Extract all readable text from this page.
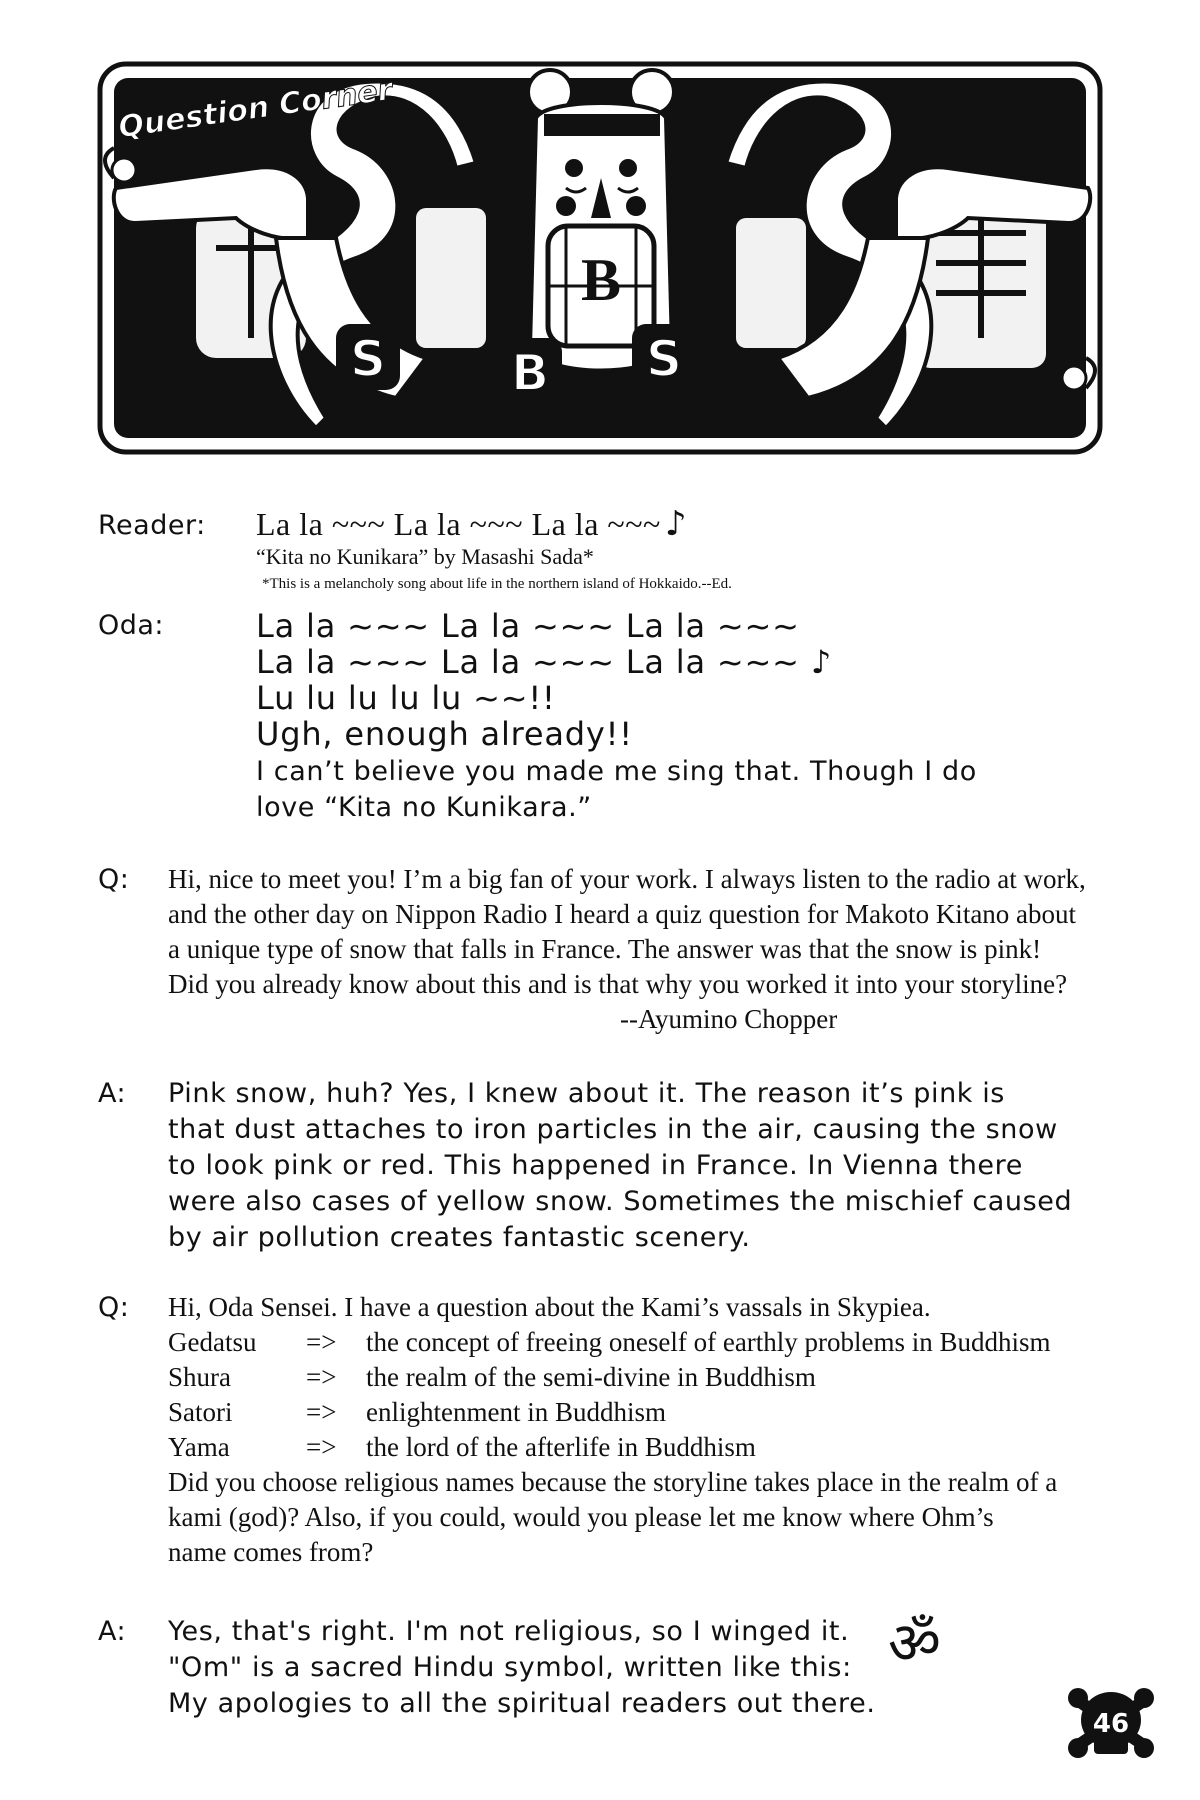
B
S B S
Question Corner
Reader: La la ~~~ La la ~~~ La la ~~~ ♪
“Kita no Kunikara” by Masashi Sada*
*This is a melancholy song about life in the northern island of Hokkaido.--Ed.
Oda:	La la ~~~ La la ~~~ La la ~~~
La la ~~~ La la ~~~ La la ~~~ ♪
Lu lu lu lu lu ~~!!
Ugh, enough already!!
I can’t believe you made me sing that. Though I do
love “Kita no Kunikara.”
Q: Hi, nice to meet you! I’m a big fan of your work. I always listen to the radio at work,
and the other day on Nippon Radio I heard a quiz question for Makoto Kitano about
a unique type of snow that falls in France. The answer was that the snow is pink!
Did you already know about this and is that why you worked it into your storyline?
--Ayumino Chopper
A: Pink snow, huh? Yes, I knew about it. The reason it’s pink is
that dust attaches to iron particles in the air, causing the snow
to look pink or red. This happened in France. In Vienna there
were also cases of yellow snow. Sometimes the mischief caused
by air pollution creates fantastic scenery.
Q: Hi, Oda Sensei. I have a question about the Kami’s vassals in Skypiea.
Gedatsu	=>	the concept of freeing oneself of earthly problems in Buddhism
Shura	=>	the realm of the semi-divine in Buddhism
Satori	=>	enlightenment in Buddhism
Yama	=>	the lord of the afterlife in Buddhism
Did you choose religious names because the storyline takes place in the realm of a
kami (god)? Also, if you could, would you please let me know where Ohm’s
name comes from?
A: Yes, that's right. I'm not religious, so I winged it.
"Om" is a sacred Hindu symbol, written like this:
My apologies to all the spiritual readers out there.
ॐ
46
